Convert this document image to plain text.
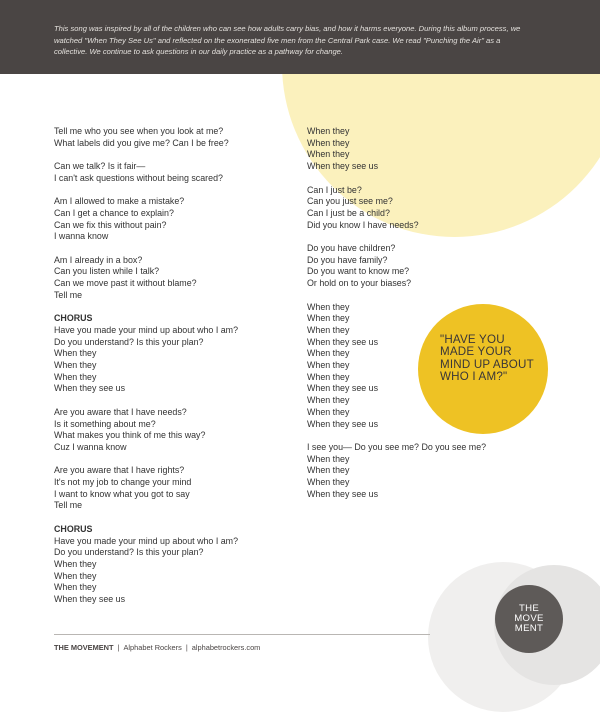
This song was inspired by all of the children who can see how adults carry bias, and how it harms everyone. During this album process, we watched "When They See Us" and reflected on the exonerated five men from the Central Park case. We read "Punching the Air" as a collective. We continue to ask questions in our daily practice as a pathway for change.

Tell me who you see when you look at me?
What labels did you give me? Can I be free?
Can we talk? Is it fair—
I can't ask questions without being scared?
Am I allowed to make a mistake?
Can I get a chance to explain?
Can we fix this without pain?
I wanna know
Am I already in a box?
Can you listen while I talk?
Can we move past it without blame?
Tell me
CHORUS
Have you made your mind up about who I am?
Do you understand? Is this your plan?
When they
When they
When they
When they see us
Are you aware that I have needs?
Is it something about me?
What makes you think of me this way?
Cuz I wanna know
Are you aware that I have rights?
It's not my job to change your mind
I want to know what you got to say
Tell me
CHORUS
Have you made your mind up about who I am?
Do you understand? Is this your plan?
When they
When they
When they
When they see us
When they
When they
When they
When they see us
Can I just be?
Can you just see me?
Can I just be a child?
Did you know I have needs?
Do you have children?
Do you have family?
Do you want to know me?
Or hold on to your biases?
When they
When they
When they
When they see us
When they
When they
When they
When they see us
When they
When they
When they see us
I see you— Do you see me? Do you see me?
When they
When they
When they
When they see us

"HAVE YOU MADE YOUR MIND UP ABOUT WHO I AM?"

THE
MOVE
MENT

THE MOVEMENT | Alphabet Rockers | alphabetrockers.com
